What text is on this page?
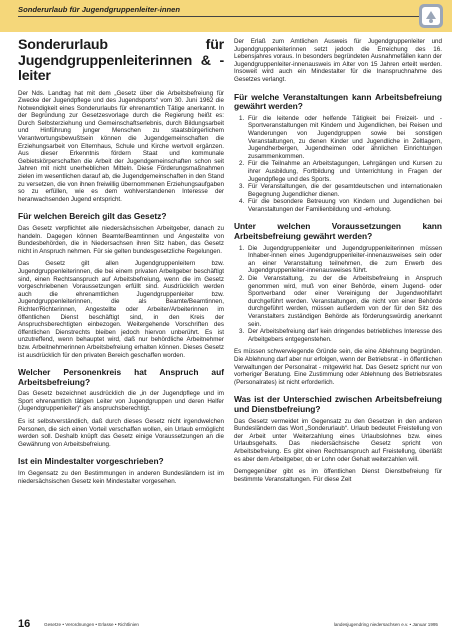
Sonderurlaub für Jugendgruppenleiter-innen
Sonderurlaub für Jugendgruppenleiterinnen & -leiter

Der Nds. Landtag hat mit dem „Gesetz über die Arbeitsbefreiung für Zwecke der Jugendpflege und des Jugendsports“ vom 30. Juni 1962 die Notwendigkeit eines Sonderurlaubs für ehrenamtlich Tätige anerkannt. In der Begründung zur Gesetzesvorlage durch die Regierung heißt es: Durch Selbsterziehung und Gemeinschaftserlebnis, durch Bildungsarbeit und Hinführung junger Menschen zu staatsbürgerlichem Verantwortungsbewußtsein können die Jugendgemeinschaften die Erziehungsarbeit von Elternhaus, Schule und Kirche wertvoll ergänzen. Aus dieser Erkenntnis fördern Staat und kommunale Gebietskörperschaften die Arbeit der Jugendgemeinschaften schon seit Jahren mit nicht unerheblichen Mitteln. Diese Förderungsmaßnahmen zielen im wesentlichen darauf ab, die Jugendgemeinschaften in den Stand zu versetzen, die von ihnen freiwillig übernommenen Erziehungsaufgaben so zu erfüllen, wie es dem wohlverstandenen Interesse der heranwachsenden Jugend entspricht.

Für welchen Bereich gilt das Gesetz?

Das Gesetz verpflichtet alle niedersächsischen Arbeitgeber, danach zu handeln. Dagegen können Beamte/Beamtinnen und Angestellte von Bundesbehörden, die in Niedersachsen ihren Sitz haben, das Gesetz nicht in Anspruch nehmen. Für sie gelten bundesgesetzliche Regelungen.

Das Gesetz gilt allen Jugendgruppenleitern bzw. Jugendgruppenleiterinnen, die bei einem privaten Arbeitgeber beschäftigt sind, einen Rechtsanspruch auf Arbeitsbefreiung, wenn die im Gesetz vorgeschriebenen Voraussetzungen erfüllt sind. Ausdrücklich werden auch die ehrenamtlichen Jugendgruppenleiter bzw. Jugendgruppenleiterinnen, die als Beamte/Beamtinnen, Richter/Richterinnen, Angestellte oder Arbeiter/Arbeiterinnen im öffentlichen Dienst beschäftigt sind, in den Kreis der Anspruchsberechtigten einbezogen. Weitergehende Vorschriften des öffentlichen Dienstrechts bleiben jedoch hiervon unberührt. Es ist unzutreffend, wenn behauptet wird, daß nur behördliche Arbeitnehmer bzw. Arbeitnehmerinnen Arbeitsbefreiung erhalten können. Dieses Gesetz ist ausdrücklich für den privaten Bereich geschaffen worden.

Welcher Personenkreis hat Anspruch auf Arbeitsbefreiung?

Das Gesetz bezeichnet ausdrücklich die „in der Jugendpflege und im Sport ehrenamtlich tätigen Leiter von Jugendgruppen und deren Helfer (Jugendgruppenleiter)“ als anspruchsberechtigt.

Es ist selbstverständlich, daß durch dieses Gesetz nicht irgendwelchen Personen, die sich einen Vorteil verschaffen wollen, ein Urlaub ermöglicht werden soll. Deshalb knüpft das Gesetz einige Voraussetzungen an die Gewährung von Arbeitsbefreiung.

Ist ein Mindestalter vorgeschrieben?

Im Gegensatz zu den Bestimmungen in anderen Bundesländern ist im niedersächsischen Gesetz kein Mindestalter vorgesehen.

Der Erlaß zum Amtlichen Ausweis für Jugendgruppenleiter und Jugendgruppenleiterinnen setzt jedoch die Erreichung des 16. Lebensjahres voraus. In besonders begründeten Ausnahmefällen kann der Jugendgruppenleiter-innenausweis im Alter von 15 Jahren erteilt werden. Insoweit wird auch ein Mindestalter für die Inanspruchnahme des Gesetzes verlangt.

Für welche Veranstaltungen kann Arbeitsbefreiung gewährt werden?
1. Für die leitende oder helfende Tätigkeit bei Freizeit- und -Sportveranstaltungen mit Kindern und Jugendlichen, bei Reisen und Wanderungen von Jugendgruppen sowie bei sonstigen Veranstaltungen, zu denen Kinder und Jugendliche in Zeltlagern, Jugendherbergen, Jugendheimen oder ähnlichen Einrichtungen zusammenkommen.
2. Für die Teilnahme an Arbeitstagungen, Lehrgängen und Kursen zu ihrer Ausbildung, Fortbildung und Unterrichtung in Fragen der Jugendpflege und des Sports.
3. Für Veranstaltungen, die der gesamtdeutschen und internationalen Begegnung Jugendlicher dienen.
4. Für die besondere Betreuung von Kindern und Jugendlichen bei Veranstaltungen der Familienbildung und -erholung.
Unter welchen Voraussetzungen kann Arbeitsbefreiung gewährt werden?
1. Die Jugendgruppenleiter und Jugendgruppenleiterinnen müssen Inhaber-innen eines Jugendgruppenleiter-innenausweises sein oder an einer Veranstaltung teilnehmen, die zum Erwerb des Jugendgruppenleiter-innenausweises führt.
2. Die Veranstaltung, zu der die Arbeitsbefreiung in Anspruch genommen wird, muß von einer Behörde, einem Jugend- oder Sportverband oder einer Vereinigung der Jugendwohlfahrt durchgeführt werden. Veranstaltungen, die nicht von einer Behörde durchgeführt werden, müssen außerdem von der für den Sitz des Veranstalters zuständigen Behörde als förderungswürdig anerkannt sein.
3. Der Arbeitsbefreiung darf kein dringendes betriebliches Interesse des Arbeitgebers entgegenstehen.

Es müssen schwerwiegende Gründe sein, die eine Ablehnung begründen. Die Ablehnung darf aber nur erfolgen, wenn der Betriebsrat - in öffentlichen Verwaltungen der Personalrat - mitgewirkt hat. Das Gesetz spricht nur von vorheriger Beratung. Eine Zustimmung oder Ablehnung des Betriebsrates (Personalrates) ist nicht erforderlich.

Was ist der Unterschied zwischen Arbeitsbefreiung und Dienstbefreiung?

Das Gesetz vermeidet im Gegensatz zu den Gesetzen in den anderen Bundesländern das Wort „Sonderurlaub“. Urlaub bedeutet Freistellung von der Arbeit unter Weiterzahlung eines Urlaubslohnes bzw. eines Urlaubsgehalts. Das niedersächsische Gesetz spricht von Arbeitsbefreiung. Es gibt einen Rechtsanspruch auf Freistellung, überläßt es aber dem Arbeitgeber, ob er Lohn oder Gehalt weiterzahlen will.

Demgegenüber gibt es im öffentlichen Dienst Dienstbefreiung für bestimmte Veranstaltungen. Für diese Zeit

16	Gesetze • Verordnungen • Erlasse • Richtlinien	landesjugendring niedersachsen e.v. • Januar 1995
